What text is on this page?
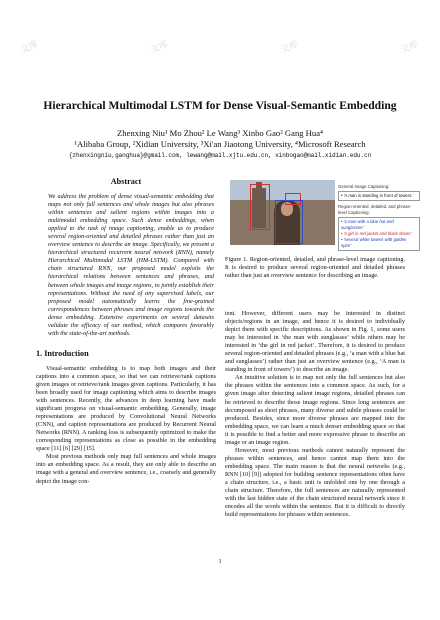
文库	文库	文库	文库
Hierarchical Multimodal LSTM for Dense Visual-Semantic Embedding
Zhenxing Niu¹ Mo Zhou² Le Wang³ Xinbo Gao² Gang Hua⁴
¹Alibaba Group, ²Xidian University, ³Xi'an Jiaotong University, ⁴Microsoft Research
{zhenxingniu,ganghua}@gmail.com, lewang@mail.xjtu.edu.cn, xinbogao@mail.xidian.edu.cn
Abstract

We address the problem of dense visual-semantic embedding that maps not only full sentences and whole images but also phrases within sentences and salient regions within images into a multimodal embedding space. Such dense embeddings, when applied to the task of image captioning, enable us to produce several region-oriented and detailed phrases rather than just an overview sentence to describe an image. Specifically, we present a hierarchical structured recurrent neural network (RNN), namely Hierarchical Multimodal LSTM (HM-LSTM). Compared with chain structured RNN, our proposed model exploits the hierarchical relations between sentences and phrases, and between whole images and image regions, to jointly establish their representations. Without the need of any supervised labels, our proposed model automatically learns the fine-grained correspondences between phrases and image regions towards the dense embedding. Extensive experiments on several datasets validate the efficacy of our method, which compares favorably with the state-of-the-art methods.

1. Introduction

Visual-semantic embedding is to map both images and their captions into a common space, so that we can retrieve/rank captions given images or retrieve/rank images given captions. Particularly, it has been broadly used for image captioning which aims to describe images with sentences. Recently, the advances in deep learning have made significant progress on visual-semantic embedding. Generally, image representations are produced by Convolutional Neural Networks (CNN), and caption representations are produced by Recurrent Neural Networks (RNN). A ranking loss is subsequently optimized to make the corresponding representations as close as possible in the embedding space [11] [6] [29] [15].

Most previous methods only map full sentences and whole images into an embedding space. As a result, they are only able to describe an image with a general and overview sentence, i.e., coarsely and generally depict the image con-

General Image Captioning:
• 'A man is standing in front of towers.'
Region-oriented, detailed, and phrase-level Captioning:
• 'a man with a blue hat and sunglasses'
• 'a girl in red jacket and black shoes'
• 'several white towers with golden spire'
Figure 1. Region-oriented, detailed, and phrase-level image captioning. It is desired to produce several region-oriented and detailed phrases rather than just an overview sentence for describing an image.

tent. However, different users may be interested in distinct objects/regions in an image, and hence it is desired to individually depict them with specific descriptions. As shown in Fig. 1, some users may be interested in ‘the man with sunglasses’ while others may be interested in ‘the girl in red jacket’. Therefore, it is desired to produce several region-oriented and detailed phrases (e.g., ‘a man with a blue hat and sunglasses’) rather than just an overview sentence (e.g., ‘A man is standing in front of towers’) to describe an image.

An intuitive solution is to map not only the full sentences but also the phrases within the sentences into a common space. As such, for a given image after detecting salient image regions, detailed phrases can be retrieved to describe those image regions. Since long sentences are decomposed as short phrases, many diverse and subtle phrases could be produced. Besides, since more diverse phrases are mapped into the embedding space, we can learn a much denser embedding space so that it is possible to find a better and more expressive phrase to describe an image or an image region.

However, most previous methods cannot naturally represent the phrases within sentences, and hence cannot map them into the embedding space. The main reason is that the neural networks (e.g., RNN [10] [9]) adopted for building sentence representations often have a chain structure, i.e., a basic unit is unfolded one by one through a chain structure. Therefore, the full sentences are naturally represented with the last hidden state of the chain structured neural network since it encodes all the words within the sentence. But it is difficult to directly build representations for phrases within sentences.

1
